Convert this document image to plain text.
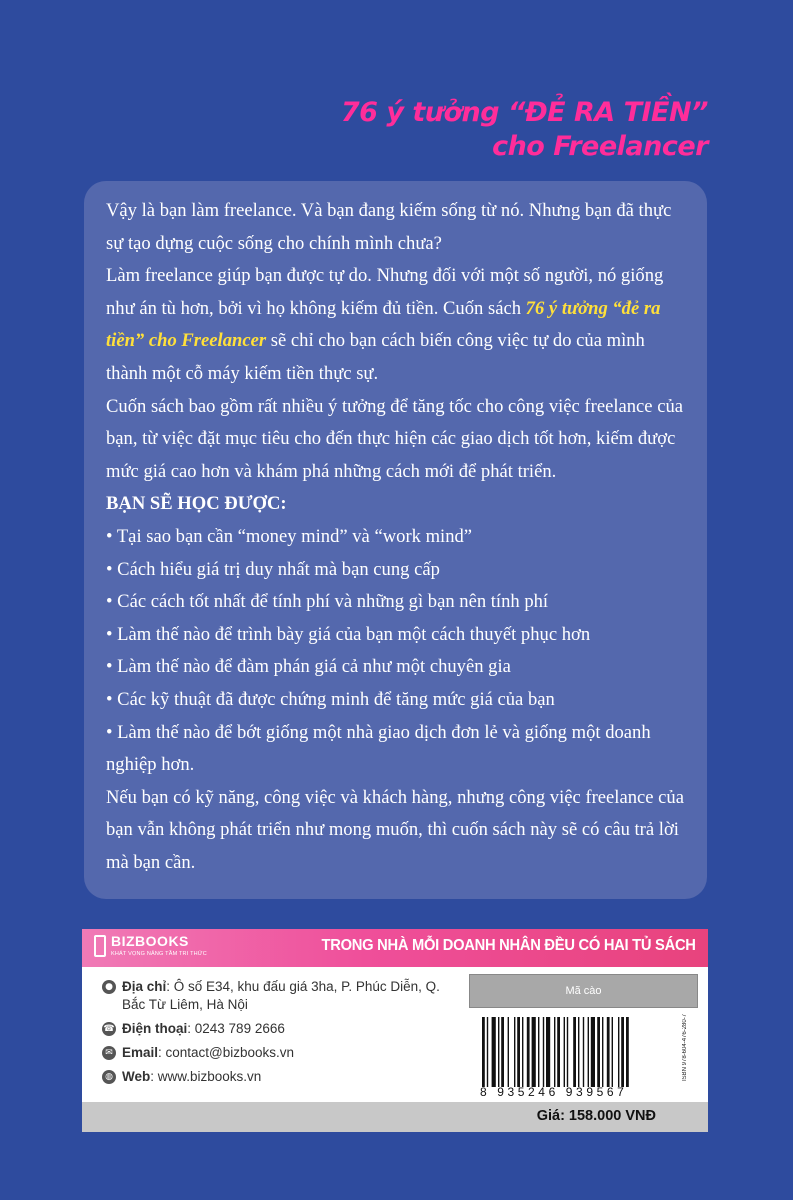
76 ý tưởng “ĐẺ RA TIỀN”
cho Freelancer

Vậy là bạn làm freelance. Và bạn đang kiếm sống từ nó. Nhưng bạn đã thực sự tạo dựng cuộc sống cho chính mình chưa?

Làm freelance giúp bạn được tự do. Nhưng đối với một số người, nó giống như án tù hơn, bởi vì họ không kiếm đủ tiền. Cuốn sách 76 ý tưởng “đẻ ra tiền” cho Freelancer sẽ chỉ cho bạn cách biến công việc tự do của mình thành một cỗ máy kiếm tiền thực sự.

Cuốn sách bao gồm rất nhiều ý tưởng để tăng tốc cho công việc freelance của bạn, từ việc đặt mục tiêu cho đến thực hiện các giao dịch tốt hơn, kiếm được mức giá cao hơn và khám phá những cách mới để phát triển.

BẠN SẼ HỌC ĐƯỢC:

• Tại sao bạn cần “money mind” và “work mind”

• Cách hiểu giá trị duy nhất mà bạn cung cấp

• Các cách tốt nhất để tính phí và những gì bạn nên tính phí

• Làm thế nào để trình bày giá của bạn một cách thuyết phục hơn

• Làm thế nào để đàm phán giá cả như một chuyên gia

• Các kỹ thuật đã được chứng minh để tăng mức giá của bạn

• Làm thế nào để bớt giống một nhà giao dịch đơn lẻ và giống một doanh nghiệp hơn.

Nếu bạn có kỹ năng, công việc và khách hàng, nhưng công việc freelance của bạn vẫn không phát triển như mong muốn, thì cuốn sách này sẽ có câu trả lời mà bạn cần.

BIZBOOKS
KHÁT VỌNG NÂNG TẦM TRI THỨC	TRONG NHÀ MỖI DOANH NHÂN ĐỀU CÓ HAI TỦ SÁCH
● Địa chỉ: Ô số E34, khu đấu giá 3ha, P. Phúc Diễn, Q. Bắc Từ Liêm, Hà Nội
☎ Điện thoại: 0243 789 2666
✉ Email: contact@bizbooks.vn
◍ Web: www.bizbooks.vn
Mã cào
8 935246 939567
ISBN 978-604-476-280-7
Giá: 158.000 VNĐ
